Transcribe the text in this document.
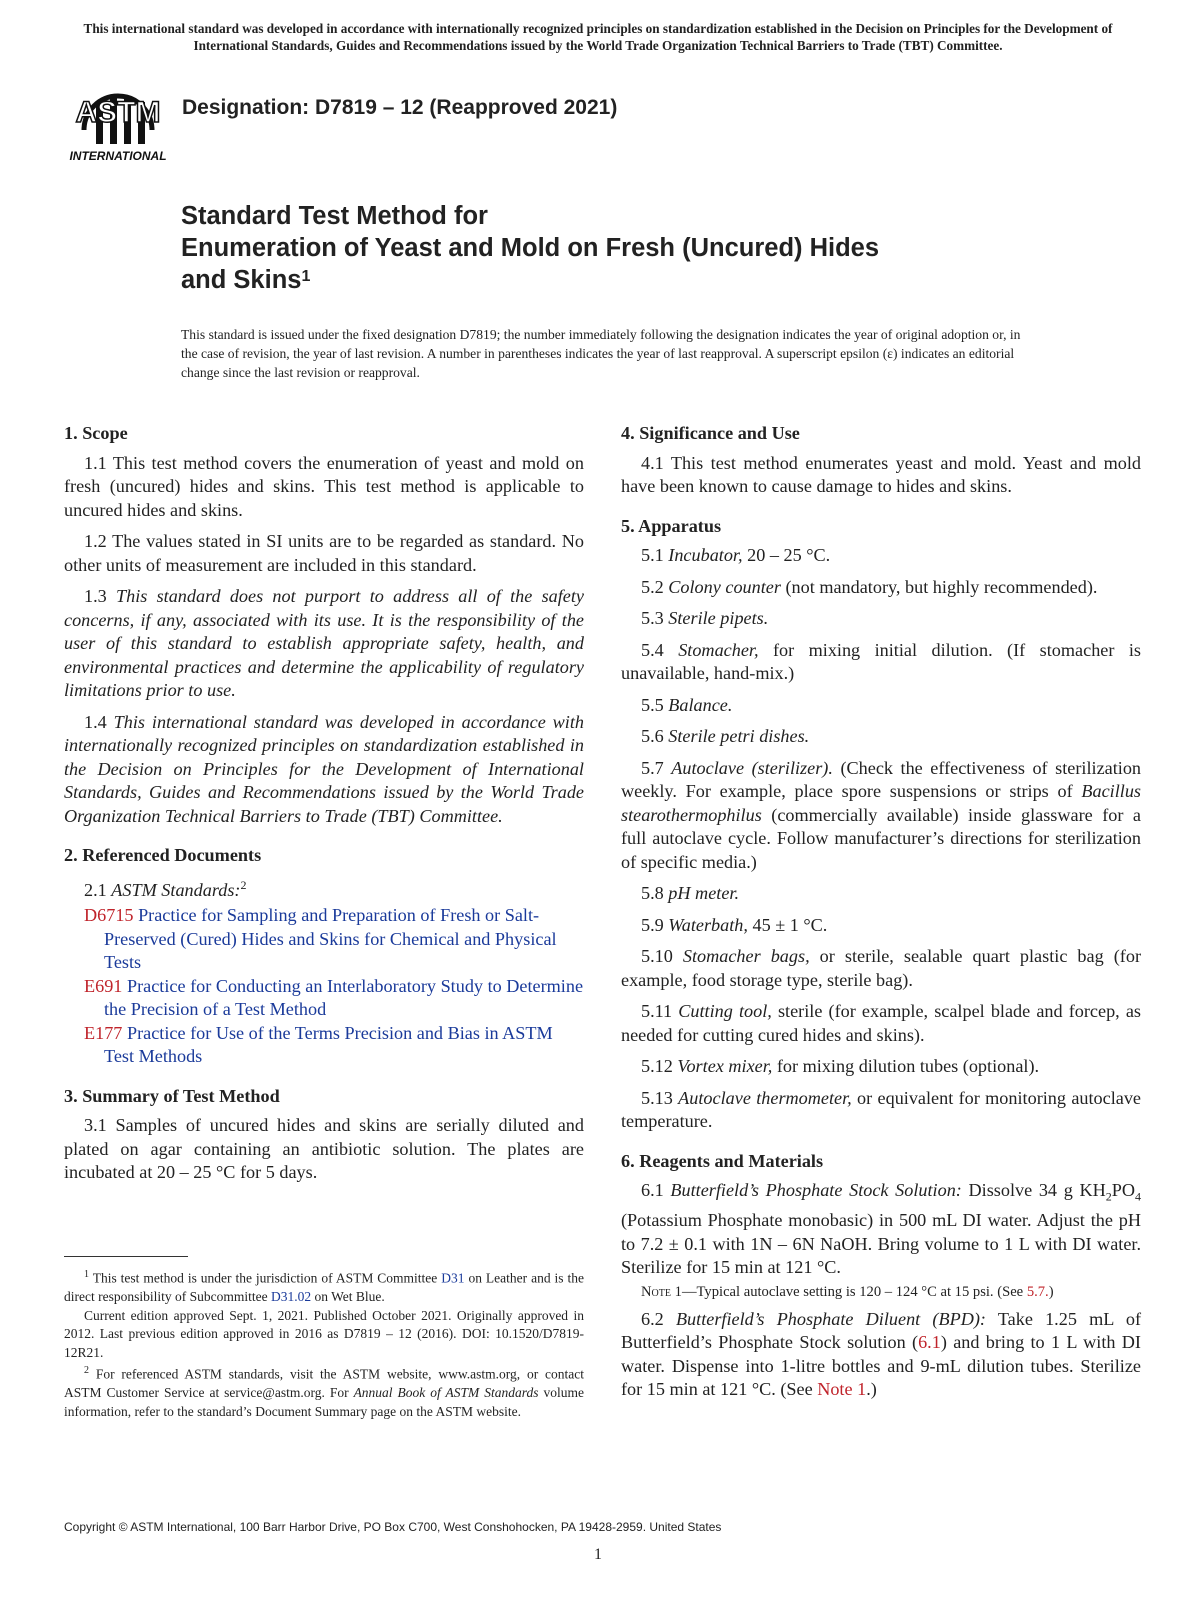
This international standard was developed in accordance with internationally recognized principles on standardization established in the Decision on Principles for the Development of International Standards, Guides and Recommendations issued by the World Trade Organization Technical Barriers to Trade (TBT) Committee.
ASTM
INTERNATIONAL
Designation: D7819 – 12 (Reapproved 2021)
Standard Test Method for
Enumeration of Yeast and Mold on Fresh (Uncured) Hides
and Skins$^1$
This standard is issued under the fixed designation D7819; the number immediately following the designation indicates the year of original adoption or, in the case of revision, the year of last revision. A number in parentheses indicates the year of last reapproval. A superscript epsilon (ε) indicates an editorial change since the last revision or reapproval.
1. Scope

1.1 This test method covers the enumeration of yeast and mold on fresh (uncured) hides and skins. This test method is applicable to uncured hides and skins.

1.2 The values stated in SI units are to be regarded as standard. No other units of measurement are included in this standard.

1.3 This standard does not purport to address all of the safety concerns, if any, associated with its use. It is the responsibility of the user of this standard to establish appropriate safety, health, and environmental practices and determine the applicability of regulatory limitations prior to use.

1.4 This international standard was developed in accordance with internationally recognized principles on standardization established in the Decision on Principles for the Development of International Standards, Guides and Recommendations issued by the World Trade Organization Technical Barriers to Trade (TBT) Committee.

2. Referenced Documents

2.1 ASTM Standards:$^2$

D6715 Practice for Sampling and Preparation of Fresh or Salt-Preserved (Cured) Hides and Skins for Chemical and Physical Tests

E691 Practice for Conducting an Interlaboratory Study to Determine the Precision of a Test Method

E177 Practice for Use of the Terms Precision and Bias in ASTM Test Methods

3. Summary of Test Method

3.1 Samples of uncured hides and skins are serially diluted and plated on agar containing an antibiotic solution. The plates are incubated at 20 – 25 °C for 5 days.

4. Significance and Use

4.1 This test method enumerates yeast and mold. Yeast and mold have been known to cause damage to hides and skins.

5. Apparatus

5.1 Incubator, 20 – 25 °C.

5.2 Colony counter (not mandatory, but highly recommended).

5.3 Sterile pipets.

5.4 Stomacher, for mixing initial dilution. (If stomacher is unavailable, hand-mix.)

5.5 Balance.

5.6 Sterile petri dishes.

5.7 Autoclave (sterilizer). (Check the effectiveness of sterilization weekly. For example, place spore suspensions or strips of Bacillus stearothermophilus (commercially available) inside glassware for a full autoclave cycle. Follow manufacturer’s directions for sterilization of specific media.)

5.8 pH meter.

5.9 Waterbath, 45 ± 1 °C.

5.10 Stomacher bags, or sterile, sealable quart plastic bag (for example, food storage type, sterile bag).

5.11 Cutting tool, sterile (for example, scalpel blade and forcep, as needed for cutting cured hides and skins).

5.12 Vortex mixer, for mixing dilution tubes (optional).

5.13 Autoclave thermometer, or equivalent for monitoring autoclave temperature.

6. Reagents and Materials

6.1 Butterfield’s Phosphate Stock Solution: Dissolve 34 g $KH_2PO_4$ (Potassium Phosphate monobasic) in 500 mL DI water. Adjust the pH to 7.2 ± 0.1 with 1N – 6N NaOH. Bring volume to 1 L with DI water. Sterilize for 15 min at 121 °C.

Note 1—Typical autoclave setting is 120 – 124 °C at 15 psi. (See 5.7.)

6.2 Butterfield’s Phosphate Diluent (BPD): Take 1.25 mL of Butterfield’s Phosphate Stock solution (6.1) and bring to 1 L with DI water. Dispense into 1-litre bottles and 9-mL dilution tubes. Sterilize for 15 min at 121 °C. (See Note 1.)

$^1$ This test method is under the jurisdiction of ASTM Committee D31 on Leather and is the direct responsibility of Subcommittee D31.02 on Wet Blue.

Current edition approved Sept. 1, 2021. Published October 2021. Originally approved in 2012. Last previous edition approved in 2016 as D7819 – 12 (2016). DOI: 10.1520/D7819-12R21.

$^2$ For referenced ASTM standards, visit the ASTM website, www.astm.org, or contact ASTM Customer Service at service@astm.org. For Annual Book of ASTM Standards volume information, refer to the standard’s Document Summary page on the ASTM website.

Copyright © ASTM International, 100 Barr Harbor Drive, PO Box C700, West Conshohocken, PA 19428-2959. United States
1
